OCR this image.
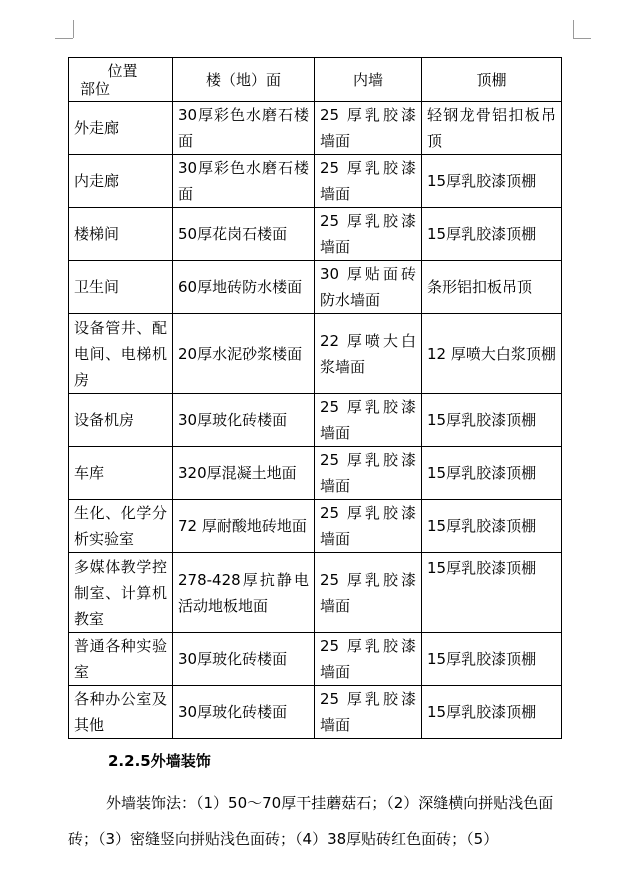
位置
部位	楼（地）面	内墙	顶棚
外走廊	30厚彩色水磨石楼面	25 厚乳胶漆墙面	轻钢龙骨铝扣板吊顶
内走廊	30厚彩色水磨石楼面	25 厚乳胶漆墙面	15厚乳胶漆顶棚
楼梯间	50厚花岗石楼面	25 厚乳胶漆墙面	15厚乳胶漆顶棚
卫生间	60厚地砖防水楼面	30 厚贴面砖防水墙面	条形铝扣板吊顶
设备管井、配电间、电梯机房	20厚水泥砂浆楼面	22 厚喷大白浆墙面	12 厚喷大白浆顶棚
设备机房	30厚玻化砖楼面	25 厚乳胶漆墙面	15厚乳胶漆顶棚
车库	320厚混凝土地面	25 厚乳胶漆墙面	15厚乳胶漆顶棚
生化、化学分析实验室	72 厚耐酸地砖地面	25 厚乳胶漆墙面	15厚乳胶漆顶棚
多媒体教学控制室、计算机教室	278-428厚抗静电活动地板地面	25 厚乳胶漆墙面	15厚乳胶漆顶棚
普通各种实验室	30厚玻化砖楼面	25 厚乳胶漆墙面	15厚乳胶漆顶棚
各种办公室及其他	30厚玻化砖楼面	25 厚乳胶漆墙面	15厚乳胶漆顶棚
2.2.5外墙装饰
外墙装饰法：（1）50～70厚干挂蘑菇石；（2）深缝横向拼贴浅色面砖；（3）密缝竖向拼贴浅色面砖；（4）38厚贴砖红色面砖；（5）
